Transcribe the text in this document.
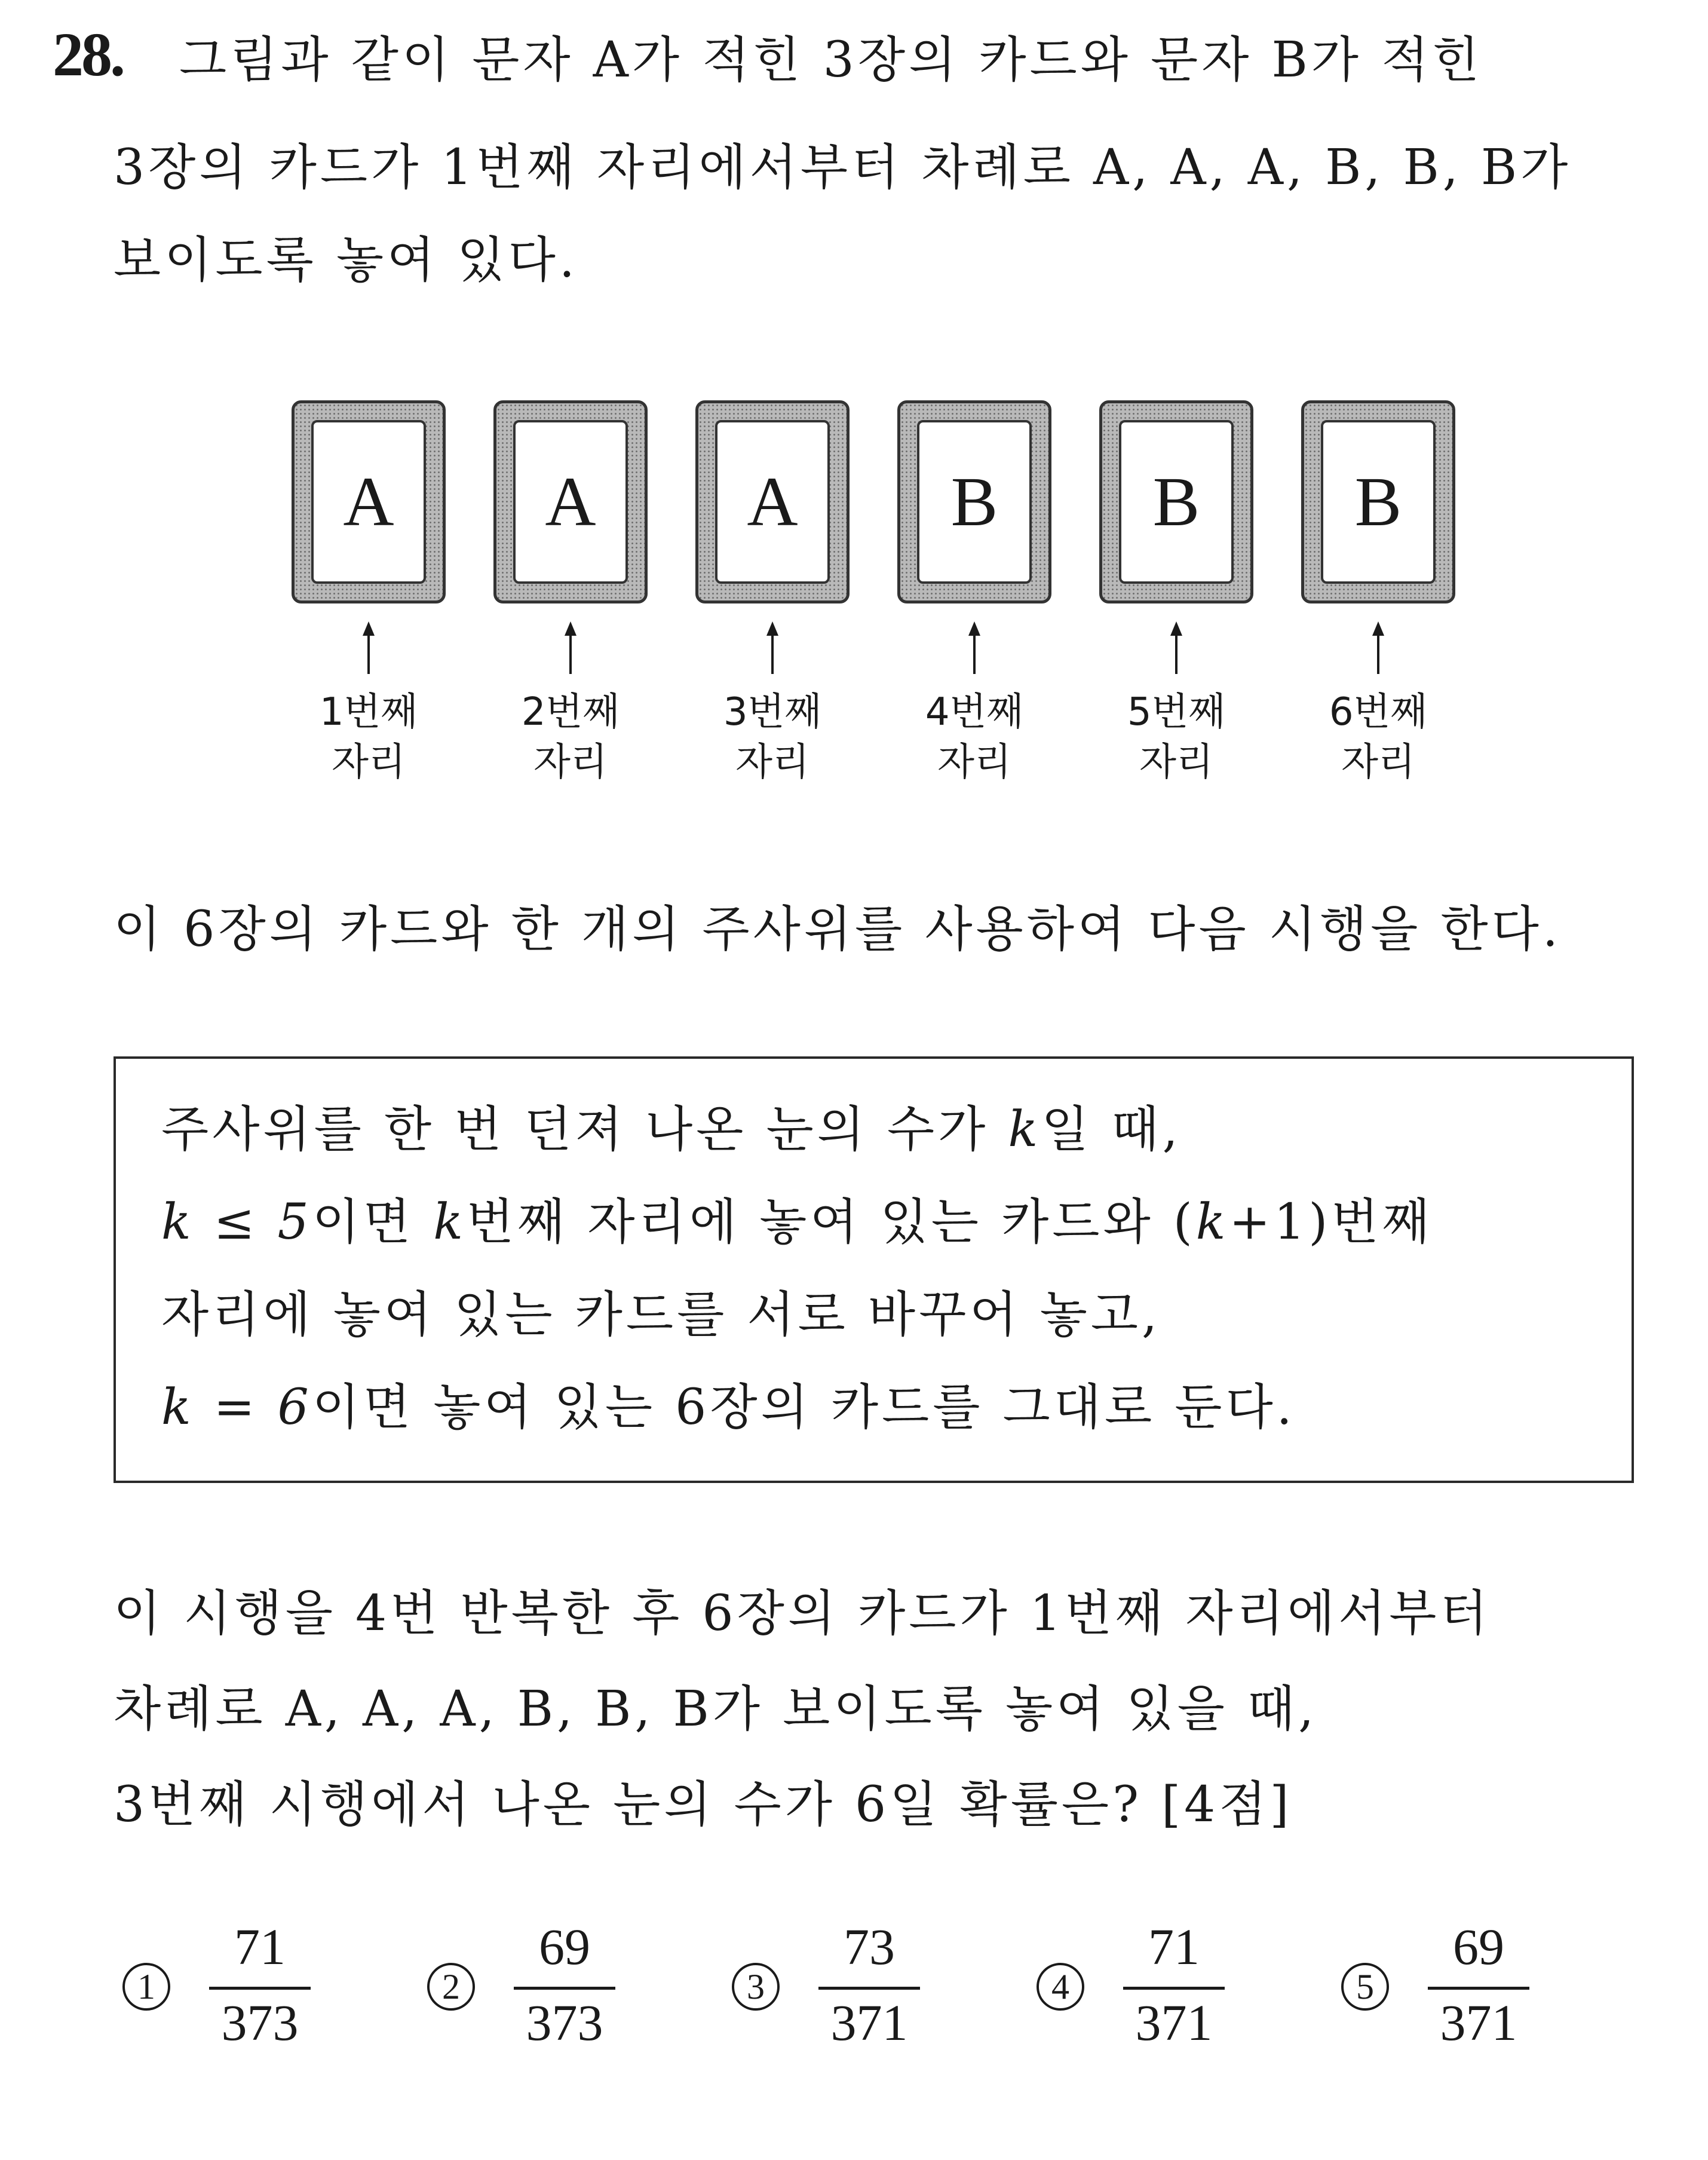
28. 그림과 같이 문자 A가 적힌 3장의 카드와 문자 B가 적힌
3장의 카드가 1번째 자리에서부터 차례로 A, A, A, B, B, B가
보이도록 놓여 있다.
A	A	A	B	B	B
1번째
자리
2번째
자리
3번째
자리
4번째
자리
5번째
자리
6번째
자리
이 6장의 카드와 한 개의 주사위를 사용하여 다음 시행을 한다.
주사위를 한 번 던져 나온 눈의 수가 k일 때,
k ≤ 5이면 k번째 자리에 놓여 있는 카드와 (k+1)번째
자리에 놓여 있는 카드를 서로 바꾸어 놓고,
k = 6이면 놓여 있는 6장의 카드를 그대로 둔다.
이 시행을 4번 반복한 후 6장의 카드가 1번째 자리에서부터
차례로 A, A, A, B, B, B가 보이도록 놓여 있을 때,
3번째 시행에서 나온 눈의 수가 6일 확률은? [4점]
1
71
373
2
69
373
3
73
371
4
71
371
5
69
371
